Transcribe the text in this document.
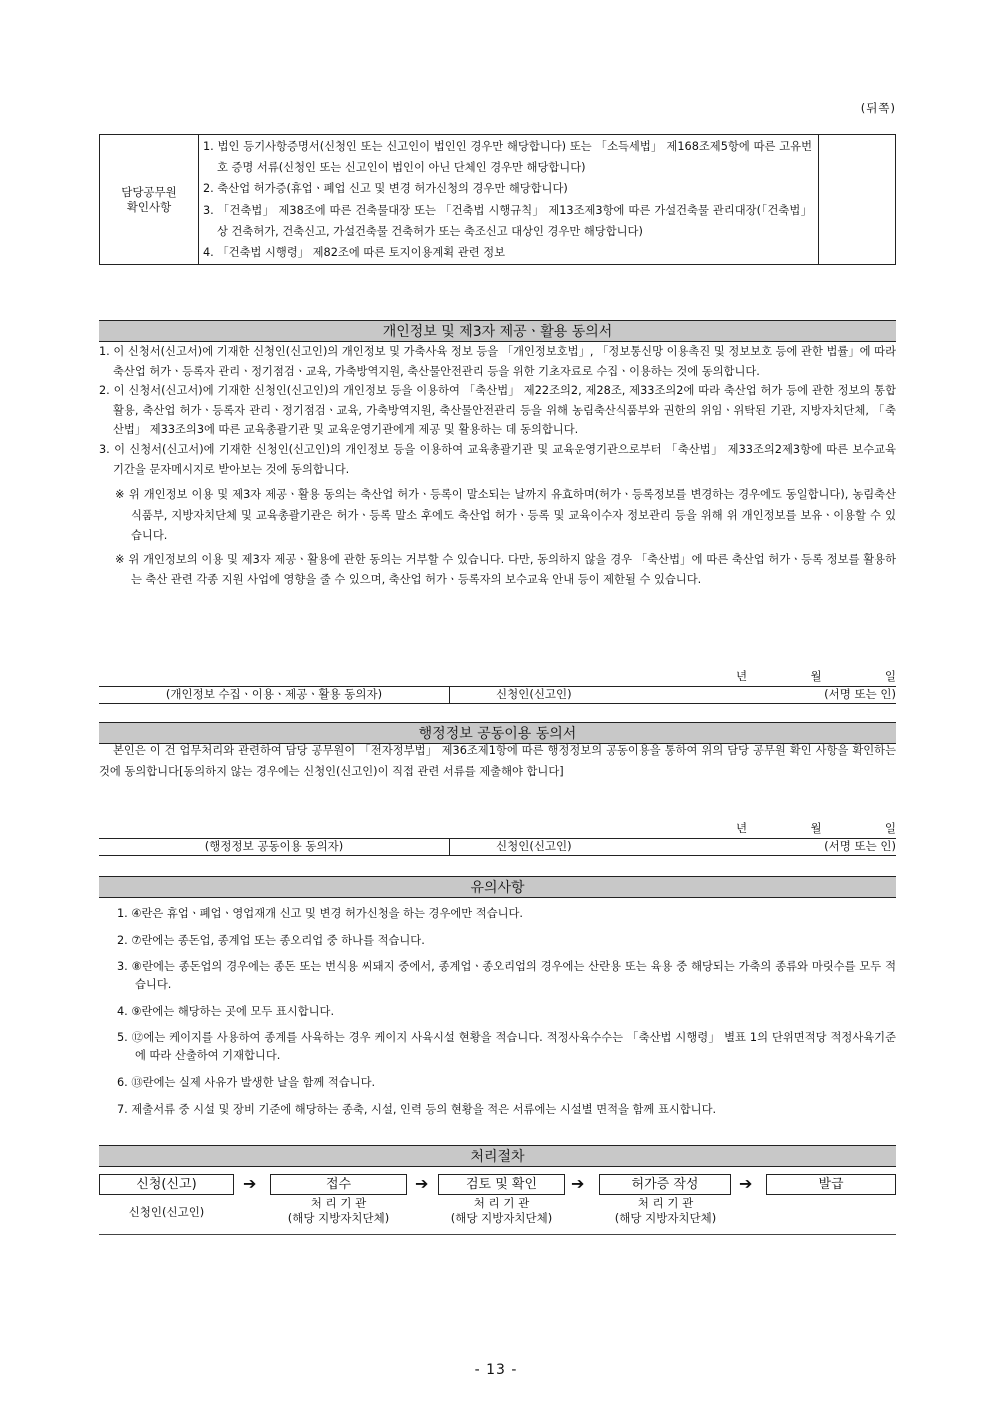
(뒤쪽)
담당공무원
확인사항

1. 법인 등기사항증명서(신청인 또는 신고인이 법인인 경우만 해당합니다) 또는 「소득세법」 제168조제5항에 따른 고유번호 증명 서류(신청인 또는 신고인이 법인이 아닌 단체인 경우만 해당합니다)
2. 축산업 허가증(휴업ㆍ폐업 신고 및 변경 허가신청의 경우만 해당합니다)
3. 「건축법」 제38조에 따른 건축물대장 또는 「건축법 시행규칙」 제13조제3항에 따른 가설건축물 관리대장(「건축법」 상 건축허가, 건축신고, 가설건축물 건축허가 또는 축조신고 대상인 경우만 해당합니다)
4. 「건축법 시행령」 제82조에 따른 토지이용계획 관련 정보

개인정보 및 제3자 제공ㆍ활용 동의서
1. 이 신청서(신고서)에 기재한 신청인(신고인)의 개인정보 및 가축사육 정보 등을 「개인정보호법」, 「정보통신망 이용촉진 및 정보보호 등에 관한 법률」에 따라 축산업 허가ㆍ등록자 관리ㆍ정기점검ㆍ교육, 가축방역지원, 축산물안전관리 등을 위한 기초자료로 수집ㆍ이용하는 것에 동의합니다.
2. 이 신청서(신고서)에 기재한 신청인(신고인)의 개인정보 등을 이용하여 「축산법」 제22조의2, 제28조, 제33조의2에 따라 축산업 허가 등에 관한 정보의 통합활용, 축산업 허가ㆍ등록자 관리ㆍ정기점검ㆍ교육, 가축방역지원, 축산물안전관리 등을 위해 농림축산식품부와 권한의 위임ㆍ위탁된 기관, 지방자치단체, 「축산법」 제33조의3에 따른 교육총괄기관 및 교육운영기관에게 제공 및 활용하는 데 동의합니다.
3. 이 신청서(신고서)에 기재한 신청인(신고인)의 개인정보 등을 이용하여 교육총괄기관 및 교육운영기관으로부터 「축산법」 제33조의2제3항에 따른 보수교육 기간을 문자메시지로 받아보는 것에 동의합니다.
※ 위 개인정보 이용 및 제3자 제공ㆍ활용 동의는 축산업 허가ㆍ등록이 말소되는 날까지 유효하며(허가ㆍ등록정보를 변경하는 경우에도 동일합니다), 농림축산식품부, 지방자치단체 및 교육총괄기관은 허가ㆍ등록 말소 후에도 축산업 허가ㆍ등록 및 교육이수자 정보관리 등을 위해 위 개인정보를 보유ㆍ이용할 수 있습니다.
※ 위 개인정보의 이용 및 제3자 제공ㆍ활용에 관한 동의는 거부할 수 있습니다. 다만, 동의하지 않을 경우 「축산법」에 따른 축산업 허가ㆍ등록 정보를 활용하는 축산 관련 각종 지원 사업에 영향을 줄 수 있으며, 축산업 허가ㆍ등록자의 보수교육 안내 등이 제한될 수 있습니다.
년	월	일
(개인정보 수집ㆍ이용ㆍ제공ㆍ활용 동의자)	신청인(신고인)	(서명 또는 인)
행정정보 공동이용 동의서
본인은 이 건 업무처리와 관련하여 담당 공무원이 「전자정부법」 제36조제1항에 따른 행정정보의 공동이용을 통하여 위의 담당 공무원 확인 사항을 확인하는 것에 동의합니다[동의하지 않는 경우에는 신청인(신고인)이 직접 관련 서류를 제출해야 합니다]
년	월	일
(행정정보 공동이용 동의자)	신청인(신고인)	(서명 또는 인)
유의사항
1. ④란은 휴업ㆍ폐업ㆍ영업재개 신고 및 변경 허가신청을 하는 경우에만 적습니다.
2. ⑦란에는 종돈업, 종계업 또는 종오리업 중 하나를 적습니다.
3. ⑧란에는 종돈업의 경우에는 종돈 또는 번식용 씨돼지 중에서, 종계업ㆍ종오리업의 경우에는 산란용 또는 육용 중 해당되는 가축의 종류와 마릿수를 모두 적습니다.
4. ⑨란에는 해당하는 곳에 모두 표시합니다.
5. ⑫에는 케이지를 사용하여 종계를 사육하는 경우 케이지 사육시설 현황을 적습니다. 적정사육수수는 「축산법 시행령」 별표 1의 단위면적당 적정사육기준에 따라 산출하여 기재합니다.
6. ⑬란에는 실제 사유가 발생한 날을 함께 적습니다.
7. 제출서류 중 시설 및 장비 기준에 해당하는 종축, 시설, 인력 등의 현황을 적은 서류에는 시설별 면적을 함께 표시합니다.
처리절차
신청(신고)	➔	접수	➔	검토 및 확인	➔	허가증 작성	➔	발급
신청인(신고인)
처 리 기 관
(해당 지방자치단체)
처 리 기 관
(해당 지방자치단체)
처 리 기 관
(해당 지방자치단체)
- 13 -
